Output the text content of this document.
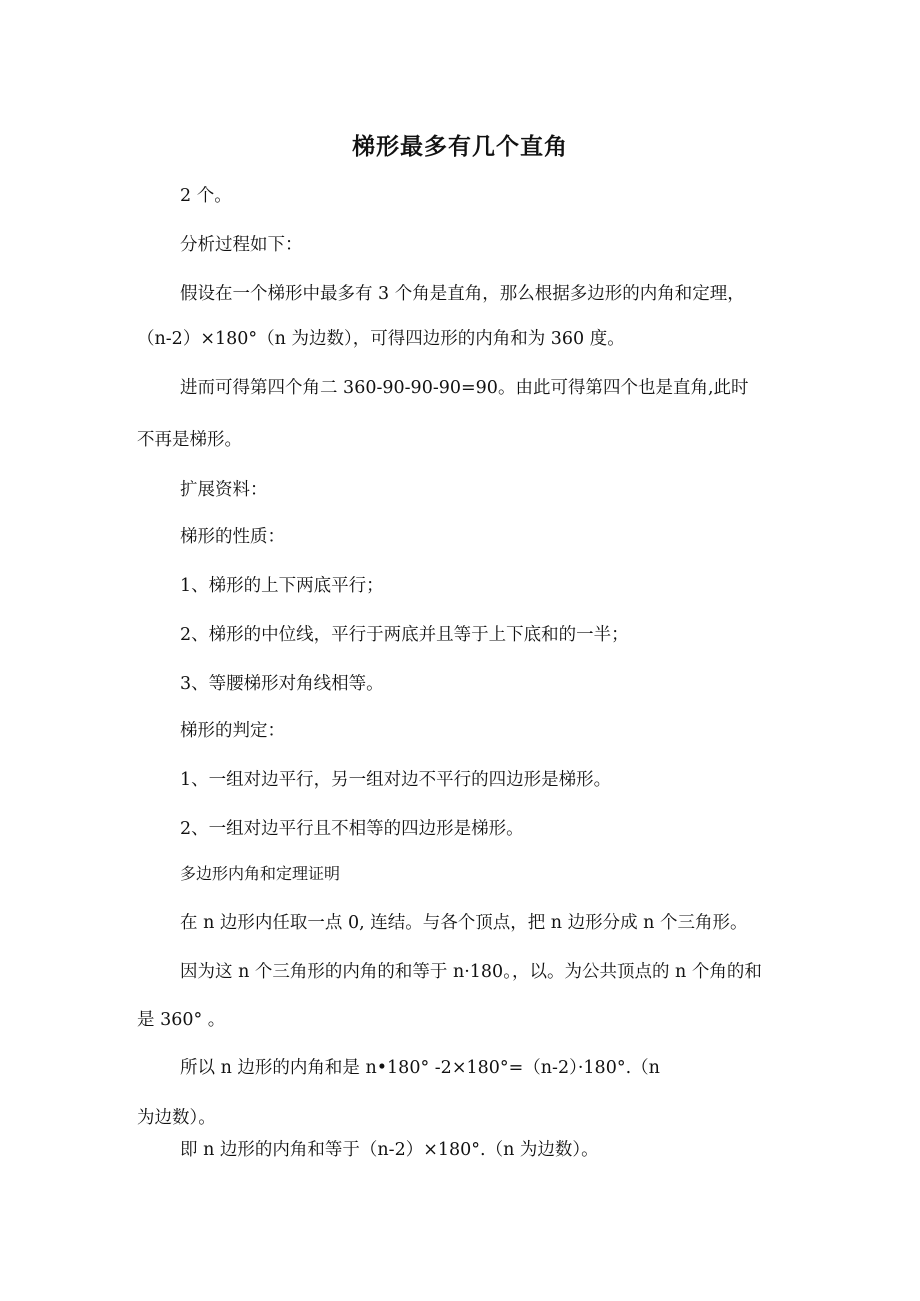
梯形最多有几个直角
2 个。
分析过程如下：
假设在一个梯形中最多有 3 个角是直角，那么根据多边形的内角和定理，
（n-2）×180°（n 为边数），可得四边形的内角和为 360 度。
进而可得第四个角二 360-90-90-90=90。由此可得第四个也是直角,此时
不再是梯形。
扩展资料：
梯形的性质：
1、梯形的上下两底平行；
2、梯形的中位线，平行于两底并且等于上下底和的一半；
3、等腰梯形对角线相等。
梯形的判定：
1、一组对边平行，另一组对边不平行的四边形是梯形。
2、一组对边平行且不相等的四边形是梯形。
多边形内角和定理证明
在 n 边形内任取一点 0, 连结。与各个顶点，把 n 边形分成 n 个三角形。
因为这 n 个三角形的内角的和等于 n·180。，以。为公共顶点的 n 个角的和
是 360° 。
所以 n 边形的内角和是 n•180° -2×180°=（n-2）·180°.（n
为边数）。
即 n 边形的内角和等于（n-2）×180°.（n 为边数）。
